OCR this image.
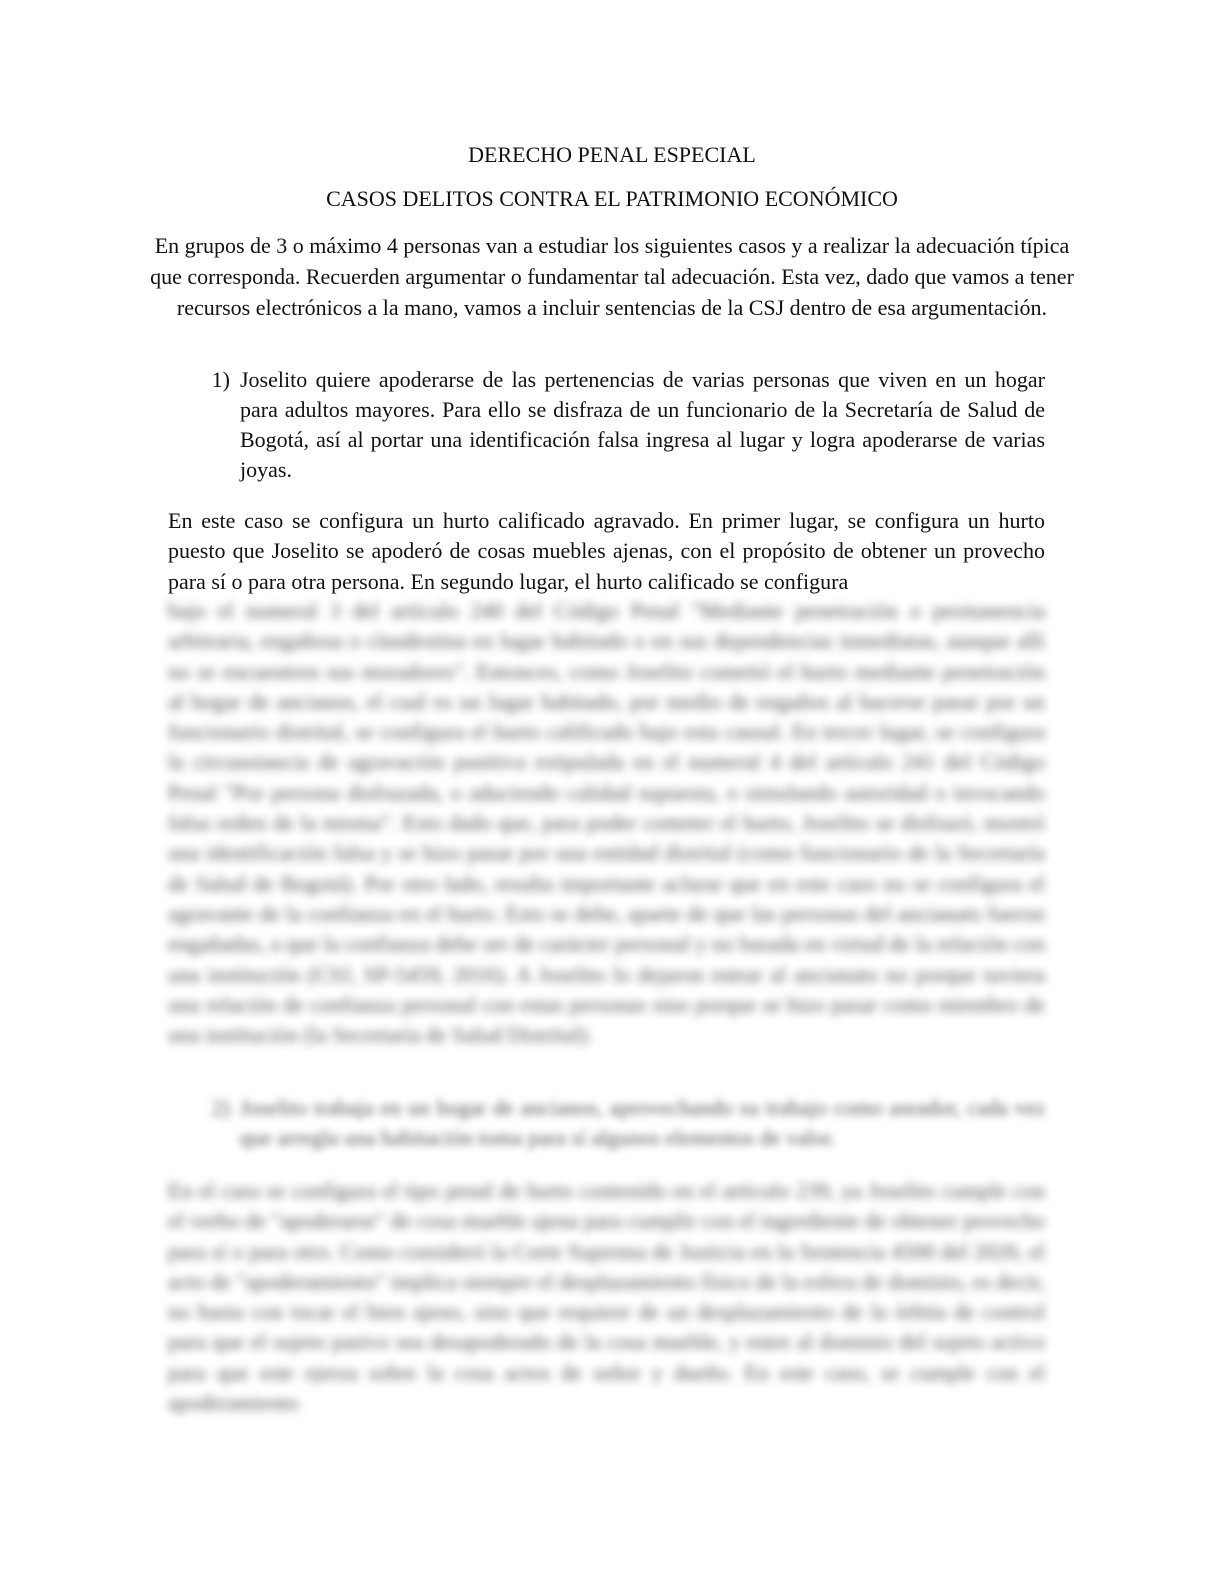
DERECHO PENAL ESPECIAL
CASOS DELITOS CONTRA EL PATRIMONIO ECONÓMICO

En grupos de 3 o máximo 4 personas van a estudiar los siguientes casos y a realizar la adecuación típica que corresponda. Recuerden argumentar o fundamentar tal adecuación. Esta vez, dado que vamos a tener recursos electrónicos a la mano, vamos a incluir sentencias de la CSJ dentro de esa argumentación.

1) Joselito quiere apoderarse de las pertenencias de varias personas que viven en un hogar para adultos mayores. Para ello se disfraza de un funcionario de la Secretaría de Salud de Bogotá, así al portar una identificación falsa ingresa al lugar y logra apoderarse de varias joyas.

En este caso se configura un hurto calificado agravado. En primer lugar, se configura un hurto puesto que Joselito se apoderó de cosas muebles ajenas, con el propósito de obtener un provecho para sí o para otra persona. En segundo lugar, el hurto calificado se configura

bajo el numeral 3 del artículo 240 del Código Penal "Mediante penetración o permanencia arbitraria, engañosa o clandestina en lugar habitado o en sus dependencias inmediatas, aunque allí no se encuentren sus moradores". Entonces, como Joselito cometió el hurto mediante penetración al hogar de ancianos, el cual es un lugar habitado, por medio de engaños al hacerse pasar por un funcionario distrital, se configura el hurto calificado bajo esta causal. En tercer lugar, se configura la circunstancia de agravación punitiva estipulada en el numeral 4 del artículo 241 del Código Penal "Por persona disfrazada, o aduciendo calidad supuesta, o simulando autoridad o invocando falsa orden de la misma". Esto dado que, para poder cometer el hurto, Joselito se disfrazó, mostró una identificación falsa y se hizo pasar por una entidad distrital (como funcionario de la Secretaría de Salud de Bogotá). Por otro lado, resulta importante aclarar que en este caso no se configura el agravante de la confianza en el hurto. Esto se debe, aparte de que las personas del ancianato fueron engañadas, a que la confianza debe ser de carácter personal y no basada en virtud de la relación con una institución (CSJ, SP-5459, 2016). A Joselito lo dejaron entrar al ancianato no porque tuviera una relación de confianza personal con estas personas sino porque se hizo pasar como miembro de una institución (la Secretaría de Salud Distrital).

2) Joselito trabaja en un hogar de ancianos, aprovechando su trabajo como aseador, cada vez que arregla una habitación toma para sí algunos elementos de valor.

En el caso se configura el tipo penal de hurto contenido en el artículo 239, ya Joselito cumple con el verbo de "apoderarse" de cosa mueble ajena para cumplir con el ingrediente de obtener provecho para sí o para otro. Como consideró la Corte Suprema de Justicia en la Sentencia 4500 del 2020, el acto de "apoderamiento" implica siempre el desplazamiento físico de la esfera de dominio, es decir, no basta con tocar el bien ajeno, sino que requiere de un desplazamiento de la órbita de control para que el sujeto pasivo sea desapoderado de la cosa mueble, y entre al dominio del sujeto activo para que este ejerza sobre la cosa actos de señor y dueño. En este caso, se cumple con el apoderamiento
